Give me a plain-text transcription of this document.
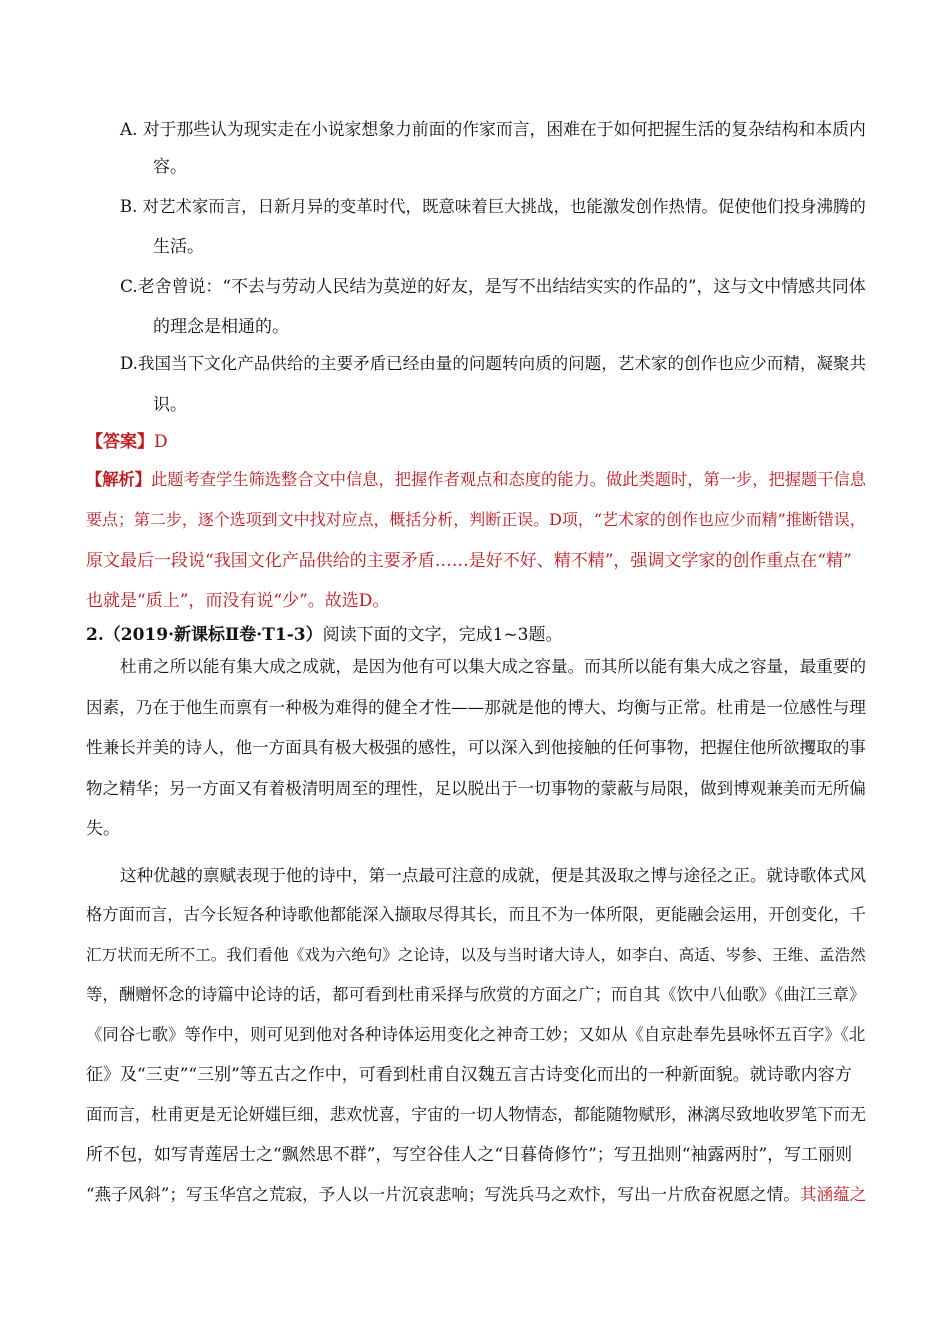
A. 对于那些认为现实走在小说家想象力前面的作家而言，困难在于如何把握生活的复杂结构和本质内
容。
B. 对艺术家而言，日新月异的变革时代，既意味着巨大挑战，也能激发创作热情。促使他们投身沸腾的
生活。
C.老舍曾说：“不去与劳动人民结为莫逆的好友，是写不出结结实实的作品的”，这与文中情感共同体
的理念是相通的。
D.我国当下文化产品供给的主要矛盾已经由量的问题转向质的问题，艺术家的创作也应少而精，凝聚共
识。
【答案】D
【解析】此题考查学生筛选整合文中信息，把握作者观点和态度的能力。做此类题时，第一步，把握题干信息
要点；第二步，逐个选项到文中找对应点，概括分析，判断正误。D项，“艺术家的创作也应少而精”推断错误，
原文最后一段说“我国文化产品供给的主要矛盾……是好不好、精不精”，强调文学家的创作重点在“精”
也就是“质上”，而没有说“少”。故选D。
2.（2019·新课标Ⅱ卷·T1-3）阅读下面的文字，完成1~3题。
杜甫之所以能有集大成之成就，是因为他有可以集大成之容量。而其所以能有集大成之容量，最重要的
因素，乃在于他生而禀有一种极为难得的健全才性——那就是他的博大、均衡与正常。杜甫是一位感性与理
性兼长并美的诗人，他一方面具有极大极强的感性，可以深入到他接触的任何事物，把握住他所欲攫取的事
物之精华；另一方面又有着极清明周至的理性，足以脱出于一切事物的蒙蔽与局限，做到博观兼美而无所偏
失。
这种优越的禀赋表现于他的诗中，第一点最可注意的成就，便是其汲取之博与途径之正。就诗歌体式风
格方面而言，古今长短各种诗歌他都能深入撷取尽得其长，而且不为一体所限，更能融会运用，开创变化，千
汇万状而无所不工。我们看他《戏为六绝句》之论诗，以及与当时诸大诗人，如李白、高适、岑参、王维、孟浩然
等，酬赠怀念的诗篇中论诗的话，都可看到杜甫采择与欣赏的方面之广；而自其《饮中八仙歌》《曲江三章》
《同谷七歌》等作中，则可见到他对各种诗体运用变化之神奇工妙；又如从《自京赴奉先县咏怀五百字》《北
征》及“三吏”“三别”等五古之作中，可看到杜甫自汉魏五言古诗变化而出的一种新面貌。就诗歌内容方
面而言，杜甫更是无论妍媸巨细，悲欢忧喜，宇宙的一切人物情态，都能随物赋形，淋漓尽致地收罗笔下而无
所不包，如写青莲居士之“飘然思不群”，写空谷佳人之“日暮倚修竹”；写丑拙则“袖露两肘”，写工丽则
“燕子风斜”；写玉华宫之荒寂，予人以一片沉哀悲响；写洗兵马之欢忭，写出一片欣奋祝愿之情。其涵蕴之
